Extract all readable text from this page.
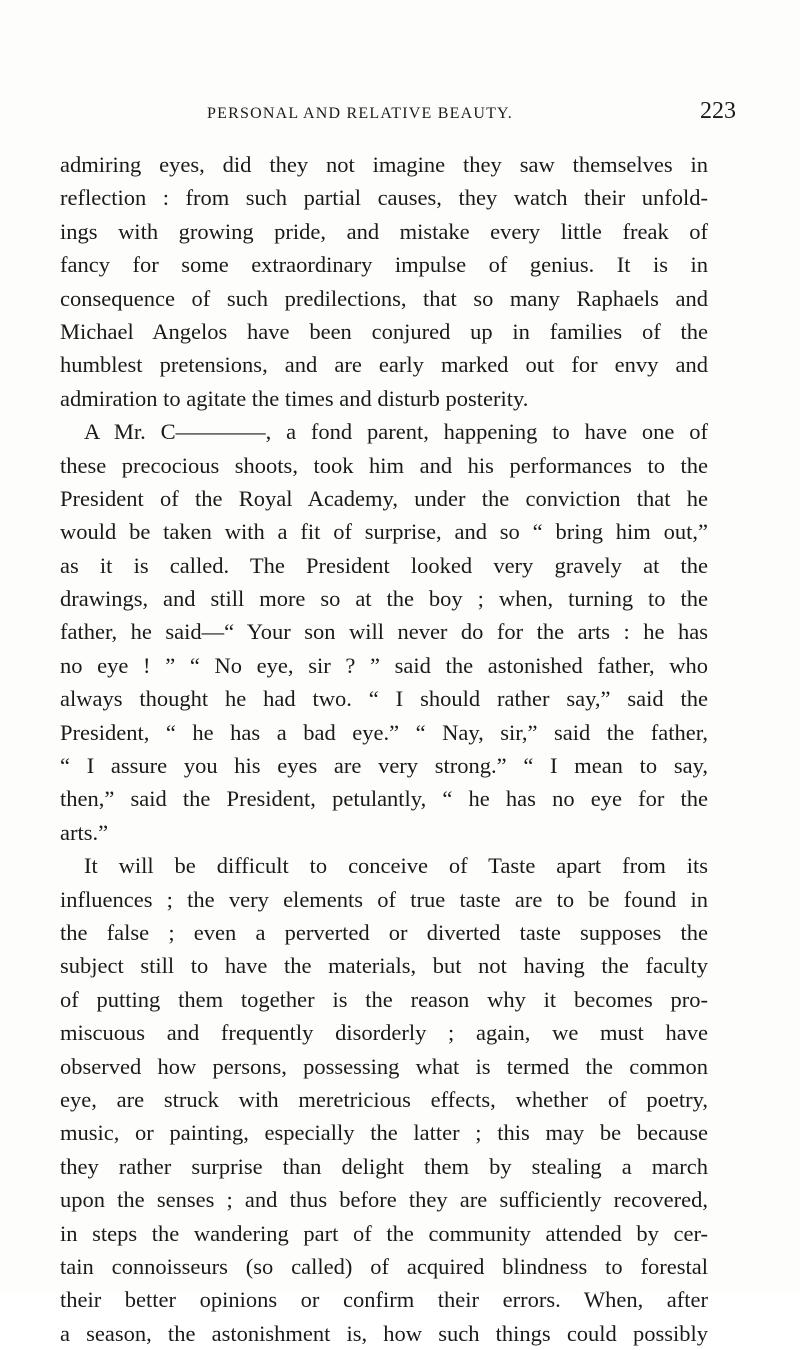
PERSONAL AND RELATIVE BEAUTY.	223
admiring eyes, did they not imagine they saw themselves in
reflection : from such partial causes, they watch their unfold-
ings with growing pride, and mistake every little freak of
fancy for some extraordinary impulse of genius. It is in
consequence of such predilections, that so many Raphaels and
Michael Angelos have been conjured up in families of the
humblest pretensions, and are early marked out for envy and
admiration to agitate the times and disturb posterity.
A Mr. C————, a fond parent, happening to have one of
these precocious shoots, took him and his performances to the
President of the Royal Academy, under the conviction that he
would be taken with a fit of surprise, and so “ bring him out,”
as it is called. The President looked very gravely at the
drawings, and still more so at the boy ; when, turning to the
father, he said—“ Your son will never do for the arts : he has
no eye ! ” “ No eye, sir ? ” said the astonished father, who
always thought he had two. “ I should rather say,” said the
President, “ he has a bad eye.” “ Nay, sir,” said the father,
“ I assure you his eyes are very strong.” “ I mean to say,
then,” said the President, petulantly, “ he has no eye for the
arts.”
It will be difficult to conceive of Taste apart from its
influences ; the very elements of true taste are to be found in
the false ; even a perverted or diverted taste supposes the
subject still to have the materials, but not having the faculty
of putting them together is the reason why it becomes pro-
miscuous and frequently disorderly ; again, we must have
observed how persons, possessing what is termed the common
eye, are struck with meretricious effects, whether of poetry,
music, or painting, especially the latter ; this may be because
they rather surprise than delight them by stealing a march
upon the senses ; and thus before they are sufficiently recovered,
in steps the wandering part of the community attended by cer-
tain connoisseurs (so called) of acquired blindness to forestal
their better opinions or confirm their errors. When, after
a season, the astonishment is, how such things could possibly
